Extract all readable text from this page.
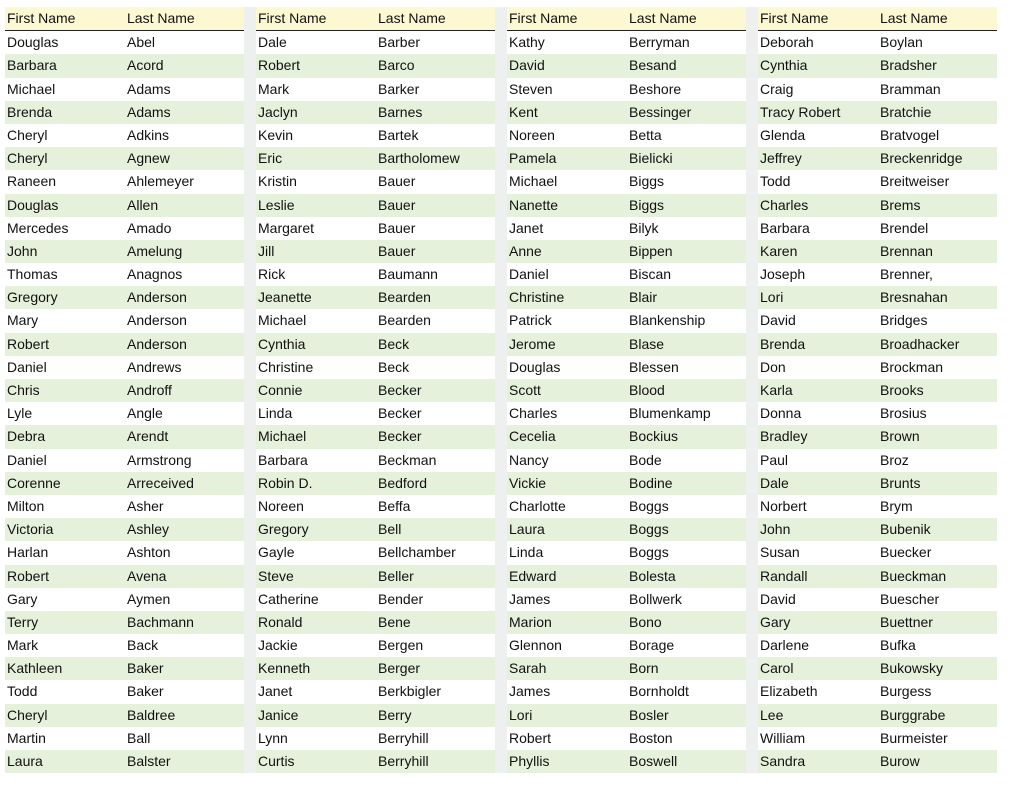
First Name	Last Name
Douglas	Abel
Barbara	Acord
Michael	Adams
Brenda	Adams
Cheryl	Adkins
Cheryl	Agnew
Raneen	Ahlemeyer
Douglas	Allen
Mercedes	Amado
John	Amelung
Thomas	Anagnos
Gregory	Anderson
Mary	Anderson
Robert	Anderson
Daniel	Andrews
Chris	Androff
Lyle	Angle
Debra	Arendt
Daniel	Armstrong
Corenne	Arreceived
Milton	Asher
Victoria	Ashley
Harlan	Ashton
Robert	Avena
Gary	Aymen
Terry	Bachmann
Mark	Back
Kathleen	Baker
Todd	Baker
Cheryl	Baldree
Martin	Ball
Laura	Balster
First Name	Last Name
Dale	Barber
Robert	Barco
Mark	Barker
Jaclyn	Barnes
Kevin	Bartek
Eric	Bartholomew
Kristin	Bauer
Leslie	Bauer
Margaret	Bauer
Jill	Bauer
Rick	Baumann
Jeanette	Bearden
Michael	Bearden
Cynthia	Beck
Christine	Beck
Connie	Becker
Linda	Becker
Michael	Becker
Barbara	Beckman
Robin D.	Bedford
Noreen	Beffa
Gregory	Bell
Gayle	Bellchamber
Steve	Beller
Catherine	Bender
Ronald	Bene
Jackie	Bergen
Kenneth	Berger
Janet	Berkbigler
Janice	Berry
Lynn	Berryhill
Curtis	Berryhill
First Name	Last Name
Kathy	Berryman
David	Besand
Steven	Beshore
Kent	Bessinger
Noreen	Betta
Pamela	Bielicki
Michael	Biggs
Nanette	Biggs
Janet	Bilyk
Anne	Bippen
Daniel	Biscan
Christine	Blair
Patrick	Blankenship
Jerome	Blase
Douglas	Blessen
Scott	Blood
Charles	Blumenkamp
Cecelia	Bockius
Nancy	Bode
Vickie	Bodine
Charlotte	Boggs
Laura	Boggs
Linda	Boggs
Edward	Bolesta
James	Bollwerk
Marion	Bono
Glennon	Borage
Sarah	Born
James	Bornholdt
Lori	Bosler
Robert	Boston
Phyllis	Boswell
First Name	Last Name
Deborah	Boylan
Cynthia	Bradsher
Craig	Bramman
Tracy Robert	Bratchie
Glenda	Bratvogel
Jeffrey	Breckenridge
Todd	Breitweiser
Charles	Brems
Barbara	Brendel
Karen	Brennan
Joseph	Brenner,
Lori	Bresnahan
David	Bridges
Brenda	Broadhacker
Don	Brockman
Karla	Brooks
Donna	Brosius
Bradley	Brown
Paul	Broz
Dale	Brunts
Norbert	Brym
John	Bubenik
Susan	Buecker
Randall	Bueckman
David	Buescher
Gary	Buettner
Darlene	Bufka
Carol	Bukowsky
Elizabeth	Burgess
Lee	Burggrabe
William	Burmeister
Sandra	Burow
